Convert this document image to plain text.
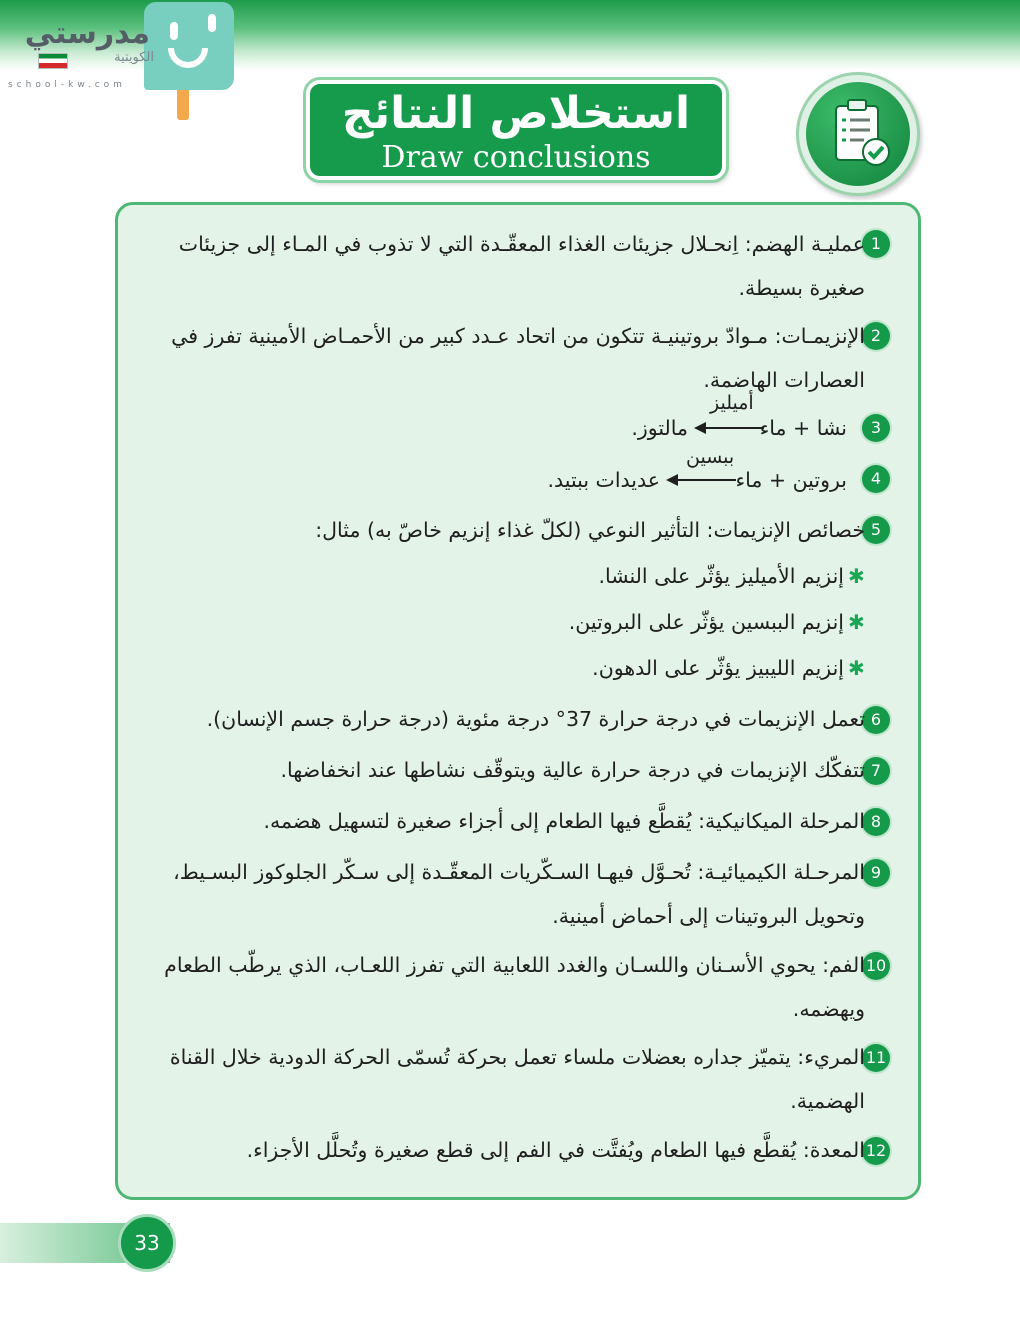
مدرستي
الكويتية
school-kw.com
استخلاص النتائج
Draw conclusions
1
عمليـة الهضم: اِنحـلال جزيئات الغذاء المعقّـدة التي لا تذوب في المـاء إلى جزيئات
صغيرة بسيطة.
2
الإنزيمـات: مـوادّ بروتينيـة تتكون من اتحاد عـدد كبير من الأحمـاض الأمينية تفرز في
العصارات الهاضمة.
3
نشا + ماء
أميليز
مالتوز.
4
بروتين + ماء
ببسين
عديدات ببتيد.
5
خصائص الإنزيمات: التأثير النوعي (لكلّ غذاء إنزيم خاصّ به) مثال:
✱
إنزيم الأميليز يؤثّر على النشا.
✱
إنزيم الببسين يؤثّر على البروتين.
✱
إنزيم الليبيز يؤثّر على الدهون.
6
تعمل الإنزيمات في درجة حرارة 37° درجة مئوية (درجة حرارة جسم الإنسان).
7
تتفكّك الإنزيمات في درجة حرارة عالية ويتوقّف نشاطها عند انخفاضها.
8
المرحلة الميكانيكية: يُقطَّع فيها الطعام إلى أجزاء صغيرة لتسهيل هضمه.
9
المرحـلة الكيميائيـة: تُحـوَّل فيهـا السـكّريات المعقّـدة إلى سـكّر الجلوكوز البسـيط،
وتحويل البروتينات إلى أحماض أمينية.
10
الفم: يحوي الأسـنان واللسـان والغدد اللعابية التي تفرز اللعـاب، الذي يرطّب الطعام
ويهضمه.
11
المريء: يتميّز جداره بعضلات ملساء تعمل بحركة تُسمّى الحركة الدودية خلال القناة
الهضمية.
12
المعدة: يُقطَّع فيها الطعام ويُفتَّت في الفم إلى قطع صغيرة وتُحلَّل الأجزاء.
33
